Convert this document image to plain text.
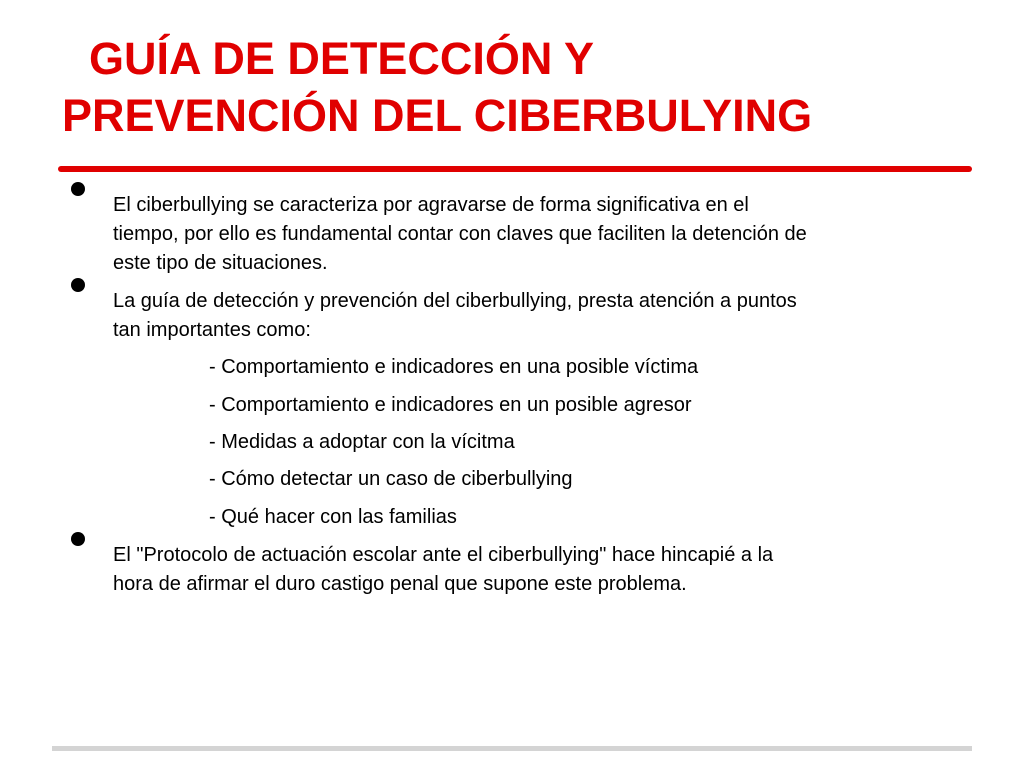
GUÍA DE DETECCIÓN Y
PREVENCIÓN DEL CIBERBULYING

El ciberbullying se caracteriza por agravarse de forma significativa en el
tiempo, por ello es fundamental contar con claves que faciliten la detención de
este tipo de situaciones.

La guía de detección y prevención del ciberbullying, presta atención a puntos
tan importantes como:

- Comportamiento e indicadores en una posible víctima
- Comportamiento e indicadores en un posible agresor
- Medidas a adoptar con la vícitma
- Cómo detectar un caso de ciberbullying
- Qué hacer con las familias

El "Protocolo de actuación escolar ante el ciberbullying" hace hincapié a la
hora de afirmar el duro castigo penal que supone este problema.
